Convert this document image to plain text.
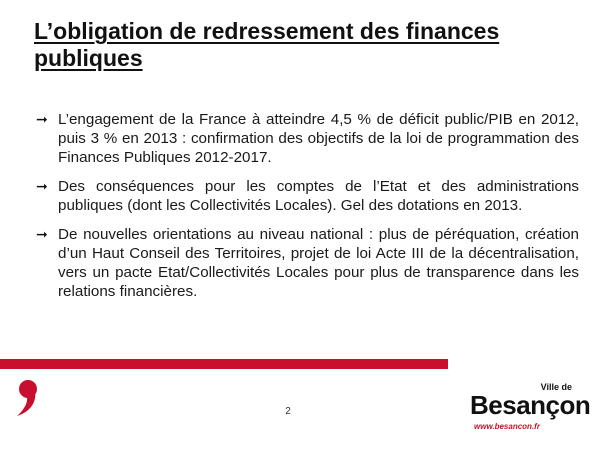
L’obligation de redressement des finances publiques
➞ L’engagement de la France à atteindre 4,5 % de déficit public/PIB en 2012, puis 3 % en 2013 : confirmation des objectifs de la loi de programmation des Finances Publiques 2012-2017.
➞ Des conséquences pour les comptes de l’Etat et des administrations publiques (dont les Collectivités Locales). Gel des dotations en 2013.
➞ De nouvelles orientations au niveau national : plus de péréquation, création d’un Haut Conseil des Territoires, projet de loi Acte III de la décentralisation, vers un pacte Etat/Collectivités Locales pour plus de transparence dans les relations financières.
2
Ville de
Besançon
www.besancon.fr
